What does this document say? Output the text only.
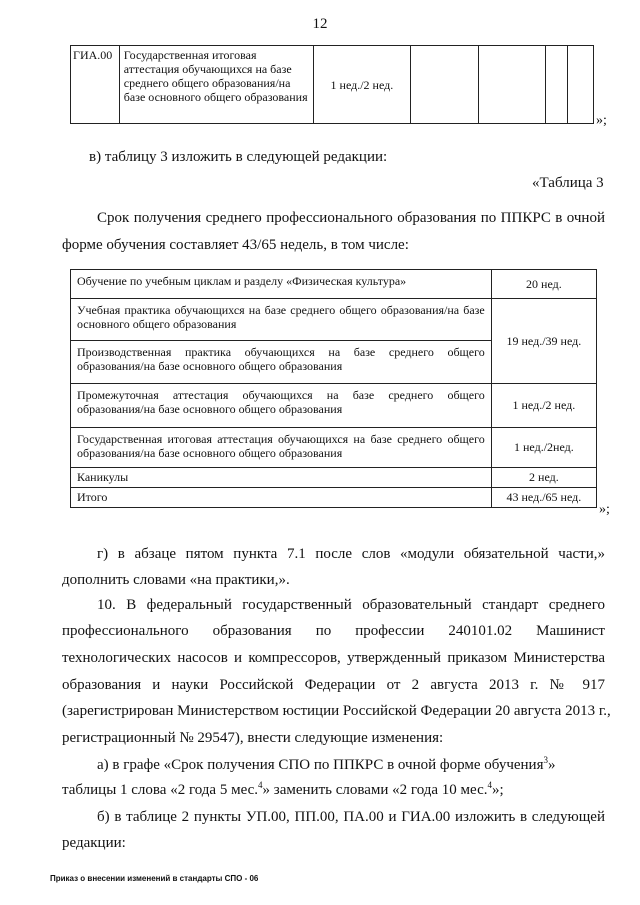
12
ГИА.00	Государственная итоговая аттестация обучающихся на базе среднего общего образования/на базе основного общего образования	1 нед./2 нед.				
»;
в) таблицу 3 изложить в следующей редакции:
«Таблица 3
Срок получения среднего профессионального образования по ППКРС в очной
форме обучения составляет 43/65 недель, в том числе:
Обучение по учебным циклам и разделу «Физическая культура»	20 нед.
Учебная практика обучающихся на базе среднего общего образования/на базе основного общего образования	19 нед./39 нед.
Производственная практика обучающихся на базе среднего общего образования/на базе основного общего образования	
Промежуточная аттестация обучающихся на базе среднего общего образования/на базе основного общего образования	1 нед./2 нед.
Государственная итоговая аттестация обучающихся на базе среднего общего образования/на базе основного общего образования	1 нед./2нед.
Каникулы	2 нед.
Итого	43 нед./65 нед.
»;
г) в абзаце пятом пункта 7.1 после слов «модули обязательной части,»
дополнить словами «на практики,».
10. В федеральный государственный образовательный стандарт среднего
профессионального образования по профессии 240101.02 Машинист
технологических насосов и компрессоров, утвержденный приказом Министерства
образования и науки Российской Федерации от 2 августа 2013 г. № 917
(зарегистрирован Министерством юстиции Российской Федерации 20 августа 2013 г.,
регистрационный № 29547), внести следующие изменения:
а) в графе «Срок получения СПО по ППКРС в очной форме обучения$^3$»
таблицы 1 слова «2 года 5 мес.$^4$» заменить словами «2 года 10 мес.$^4$»;
б) в таблице 2 пункты УП.00, ПП.00, ПА.00 и ГИА.00 изложить в следующей
редакции:
Приказ о внесении изменений в стандарты СПО - 06
